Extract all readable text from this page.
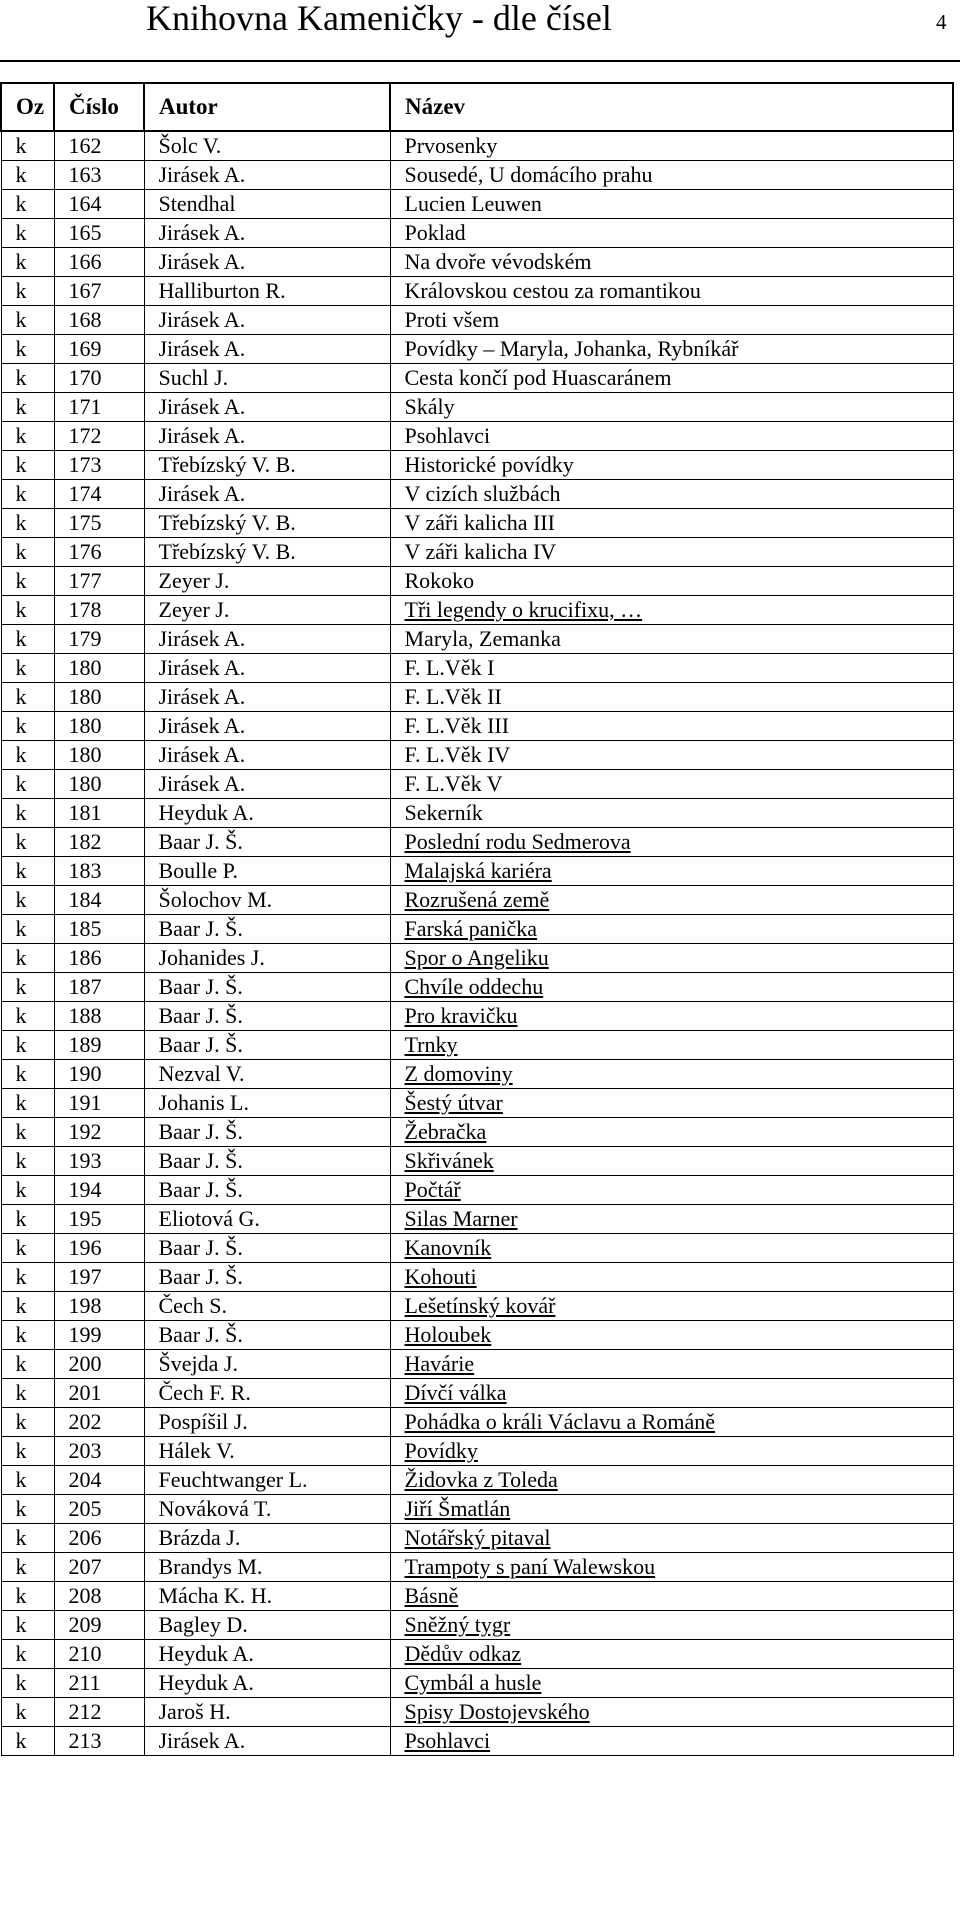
Knihovna Kameničky - dle čísel	4
Oz	Číslo	Autor	Název
k	162	Šolc V.	Prvosenky
k	163	Jirásek A.	Sousedé, U domácího prahu
k	164	Stendhal	Lucien Leuwen
k	165	Jirásek A.	Poklad
k	166	Jirásek A.	Na dvoře vévodském
k	167	Halliburton R.	Královskou cestou za romantikou
k	168	Jirásek A.	Proti všem
k	169	Jirásek A.	Povídky – Maryla, Johanka, Rybníkář
k	170	Suchl J.	Cesta končí pod Huascaránem
k	171	Jirásek A.	Skály
k	172	Jirásek A.	Psohlavci
k	173	Třebízský V. B.	Historické povídky
k	174	Jirásek A.	V cizích službách
k	175	Třebízský V. B.	V záři kalicha III
k	176	Třebízský V. B.	V záři kalicha IV
k	177	Zeyer J.	Rokoko
k	178	Zeyer J.	Tři legendy o krucifixu, …
k	179	Jirásek A.	Maryla, Zemanka
k	180	Jirásek A.	F. L.Věk I
k	180	Jirásek A.	F. L.Věk II
k	180	Jirásek A.	F. L.Věk III
k	180	Jirásek A.	F. L.Věk IV
k	180	Jirásek A.	F. L.Věk V
k	181	Heyduk A.	Sekerník
k	182	Baar J. Š.	Poslední rodu Sedmerova
k	183	Boulle P.	Malajská kariéra
k	184	Šolochov M.	Rozrušená země
k	185	Baar J. Š.	Farská panička
k	186	Johanides J.	Spor o Angeliku
k	187	Baar J. Š.	Chvíle oddechu
k	188	Baar J. Š.	Pro kravičku
k	189	Baar J. Š.	Trnky
k	190	Nezval V.	Z domoviny
k	191	Johanis L.	Šestý útvar
k	192	Baar J. Š.	Žebračka
k	193	Baar J. Š.	Skřivánek
k	194	Baar J. Š.	Počtář
k	195	Eliotová G.	Silas Marner
k	196	Baar J. Š.	Kanovník
k	197	Baar J. Š.	Kohouti
k	198	Čech S.	Lešetínský kovář
k	199	Baar J. Š.	Holoubek
k	200	Švejda J.	Havárie
k	201	Čech F. R.	Dívčí válka
k	202	Pospíšil J.	Pohádka o králi Václavu a Románě
k	203	Hálek V.	Povídky
k	204	Feuchtwanger L.	Židovka z Toleda
k	205	Nováková T.	Jiří Šmatlán
k	206	Brázda J.	Notářský pitaval
k	207	Brandys M.	Trampoty s paní Walewskou
k	208	Mácha K. H.	Básně
k	209	Bagley D.	Sněžný tygr
k	210	Heyduk A.	Dědův odkaz
k	211	Heyduk A.	Cymbál a husle
k	212	Jaroš H.	Spisy Dostojevského
k	213	Jirásek A.	Psohlavci
